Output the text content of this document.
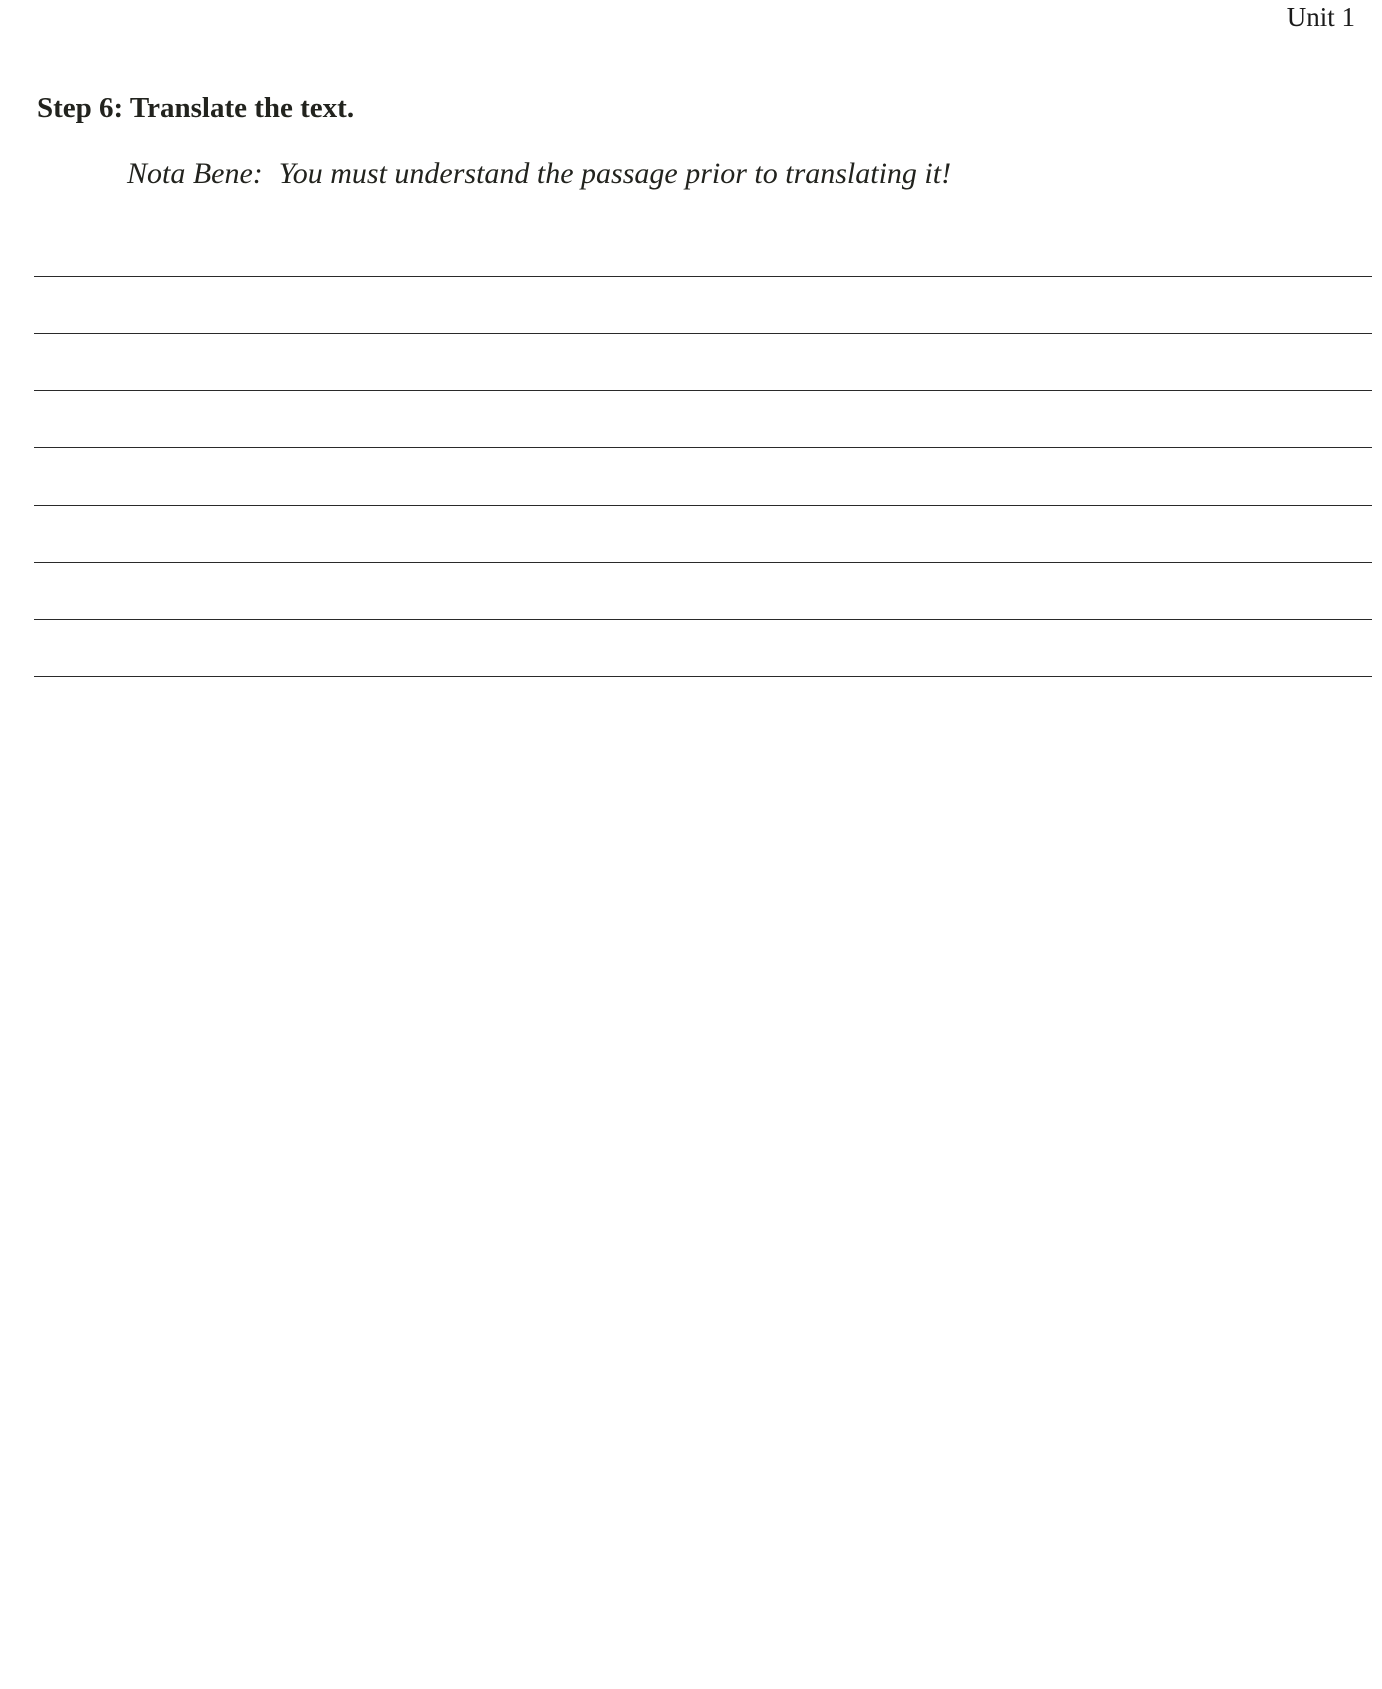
Unit 1
Step 6: Translate the text.
Nota Bene: You must understand the passage prior to translating it!
